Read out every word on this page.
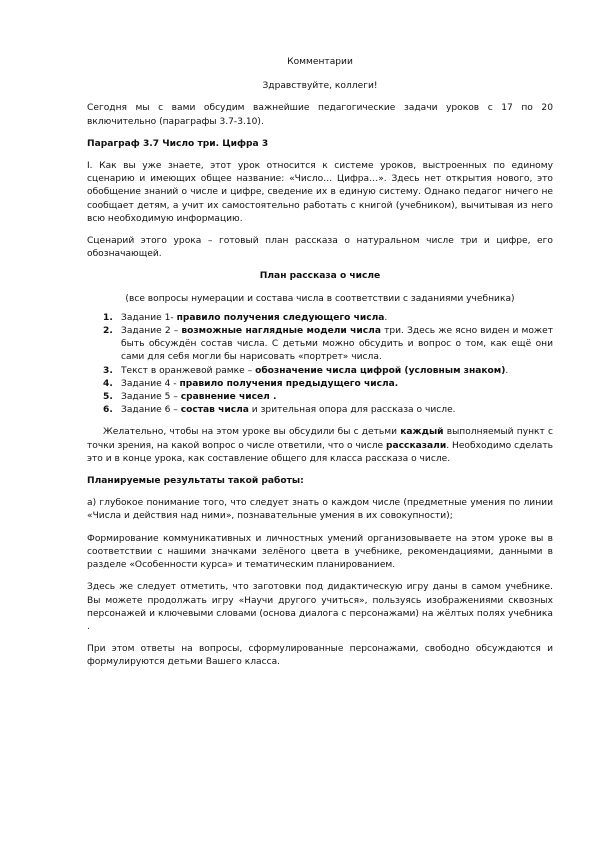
Комментарии

Здравствуйте, коллеги!

Сегодня мы с вами обсудим важнейшие педагогические задачи уроков с 17 по 20 включительно (параграфы 3.7-3.10).

Параграф 3.7 Число три. Цифра 3

I. Как вы уже знаете, этот урок относится к системе уроков, выстроенных по единому сценарию и имеющих общее название: «Число… Цифра…». Здесь нет открытия нового, это обобщение знаний о числе и цифре, сведение их в единую систему. Однако педагог ничего не сообщает детям, а учит их самостоятельно работать с книгой (учебником), вычитывая из него всю необходимую информацию.

Сценарий этого урока – готовый план рассказа о натуральном числе три и цифре, его обозначающей.

План рассказа о числе

(все вопросы нумерации и состава числа в соответствии с заданиями учебника)

1. Задание 1- правило получения следующего числа.
2. Задание 2 – возможные наглядные модели числа три. Здесь же ясно виден и может быть обсуждён состав числа. С детьми можно обсудить и вопрос о том, как ещё они сами для себя могли бы нарисовать «портрет» числа.
3. Текст в оранжевой рамке – обозначение числа цифрой (условным знаком).
4. Задание 4 - правило получения предыдущего числа.
5. Задание 5 – сравнение чисел .
6. Задание 6 – состав числа и зрительная опора для рассказа о числе.

Желательно, чтобы на этом уроке вы обсудили бы с детьми каждый выполняемый пункт с точки зрения, на какой вопрос о числе ответили, что о числе рассказали. Необходимо сделать это и в конце урока, как составление общего для класса рассказа о числе.

Планируемые результаты такой работы:

а) глубокое понимание того, что следует знать о каждом числе (предметные умения по линии «Числа и действия над ними», познавательные умения в их совокупности);

Формирование коммуникативных и личностных умений организовываете на этом уроке вы в соответствии с нашими значками зелёного цвета в учебнике, рекомендациями, данными в разделе «Особенности курса» и тематическим планированием.

Здесь же следует отметить, что заготовки под дидактическую игру даны в самом учебнике. Вы можете продолжать игру «Научи другого учиться», пользуясь изображениями сквозных персонажей и ключевыми словами (основа диалога с персонажами) на жёлтых полях учебника .

При этом ответы на вопросы, сформулированные персонажами, свободно обсуждаются и формулируются детьми Вашего класса.
